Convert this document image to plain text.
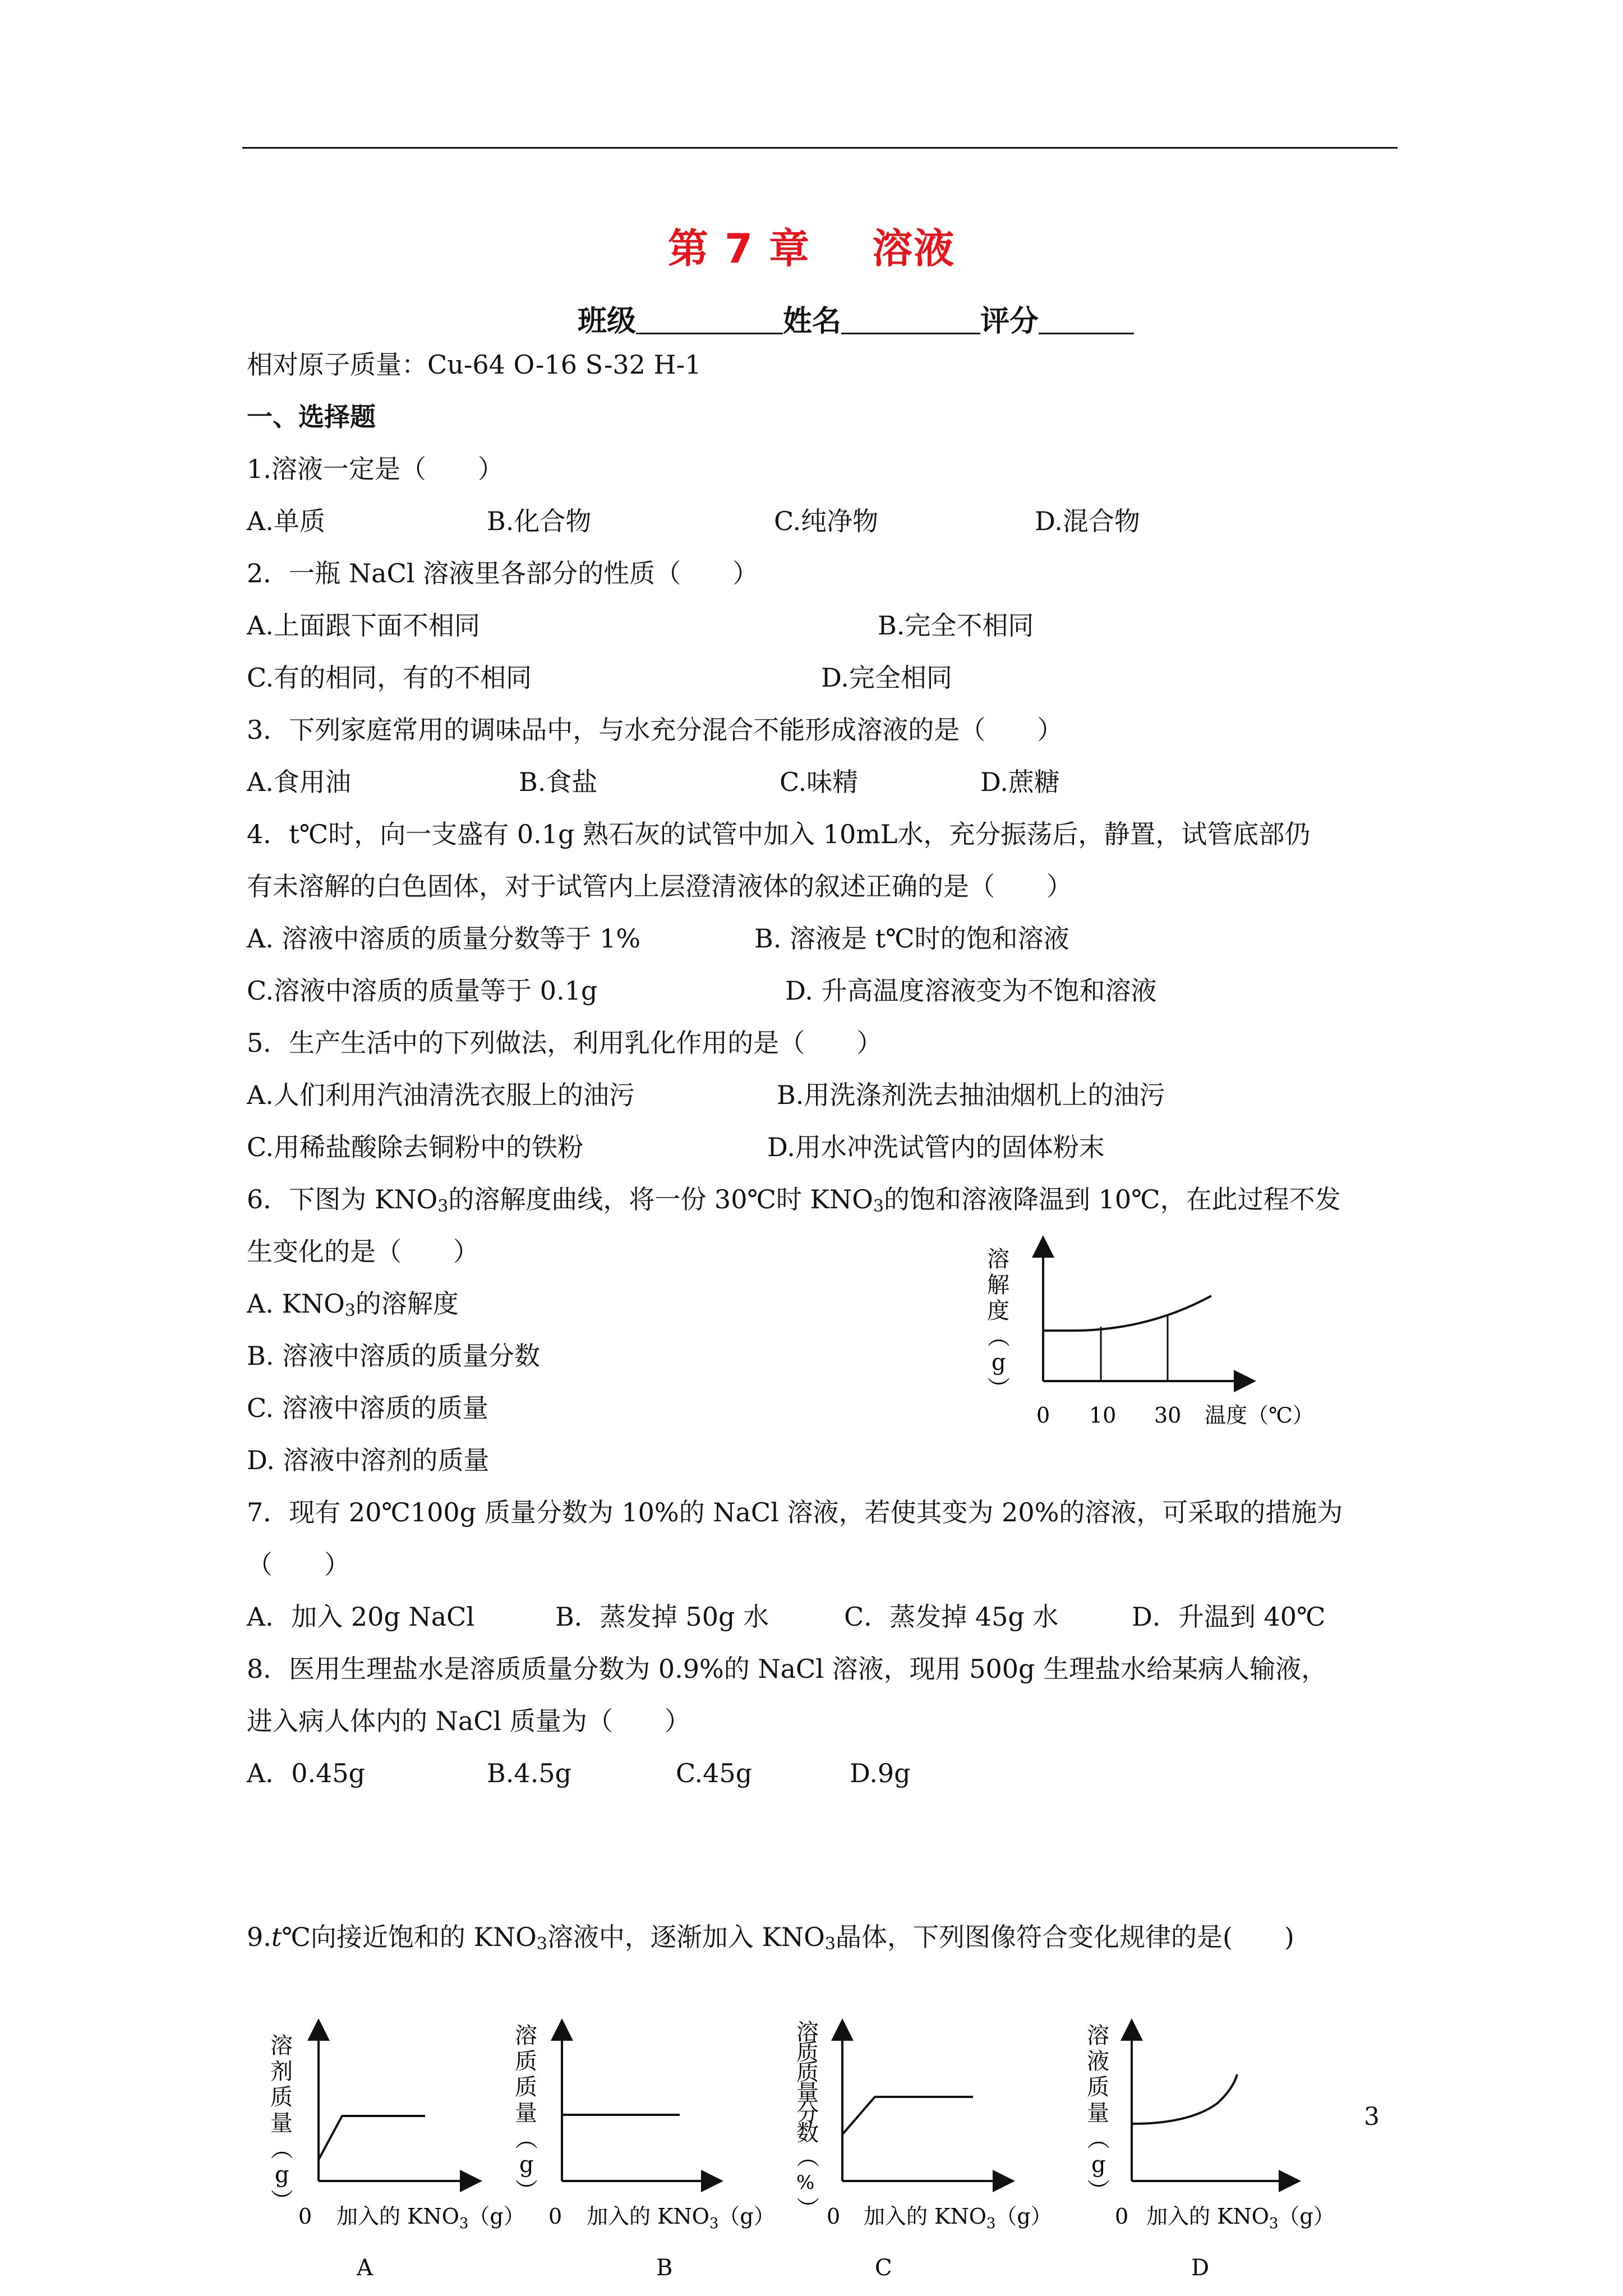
第 7 章 溶液
班级	姓名	评分
相对原子质量：Cu-64 O-16 S-32 H-1
一、选择题
1.溶液一定是（　　）
A.单质	B.化合物	C.纯净物	D.混合物
2．一瓶 NaCl 溶液里各部分的性质（　　）
A.上面跟下面不相同	B.完全不相同
C.有的相同，有的不相同	D.完全相同
3．下列家庭常用的调味品中，与水充分混合不能形成溶液的是（　　）
A.食用油	B.食盐	C.味精	D.蔗糖
4．t℃时，向一支盛有 0.1g 熟石灰的试管中加入 10mL水，充分振荡后，静置，试管底部仍
有未溶解的白色固体，对于试管内上层澄清液体的叙述正确的是（　　）
A. 溶液中溶质的质量分数等于 1%	B. 溶液是 t℃时的饱和溶液
C.溶液中溶质的质量等于 0.1g	D. 升高温度溶液变为不饱和溶液
5．生产生活中的下列做法，利用乳化作用的是（　　）
A.人们利用汽油清洗衣服上的油污	B.用洗涤剂洗去抽油烟机上的油污
C.用稀盐酸除去铜粉中的铁粉	D.用水冲洗试管内的固体粉末
6．下图为 $KNO_3$的溶解度曲线，将一份 30℃时 $KNO_3$的饱和溶液降温到 10℃，在此过程不发
生变化的是（　　）
A. $KNO_3$的溶解度
B. 溶液中溶质的质量分数
C. 溶液中溶质的质量
D. 溶液中溶剂的质量
溶
解
度
（
g
）
0 10 30 温度（℃）
7．现有 20℃100g 质量分数为 10%的 NaCl 溶液，若使其变为 20%的溶液，可采取的措施为
（　　）
A．加入 20g NaCl	B．蒸发掉 50g 水	C．蒸发掉 45g 水	D．升温到 40℃
8．医用生理盐水是溶质质量分数为 0.9%的 NaCl 溶液，现用 500g 生理盐水给某病人输液，
进入病人体内的 NaCl 质量为（　　）
A．0.45g	B.4.5g	C.45g	D.9g
9.t℃向接近饱和的 $KNO_3$溶液中，逐渐加入 $KNO_3$晶体，下列图像符合变化规律的是(　　)
溶
剂
质
量
（
g
）
0 加入的 $KNO_3(g)$
A
溶
质
质
量
（
g
）
0 加入的 $KNO_3(g)$
B
溶
质
质
量
分
数
（
%
） 0 加入的 $KNO_3(g)$
C
溶
液
质
量
（
g
）
0 加入的 $KNO_3(g)$
D
3
